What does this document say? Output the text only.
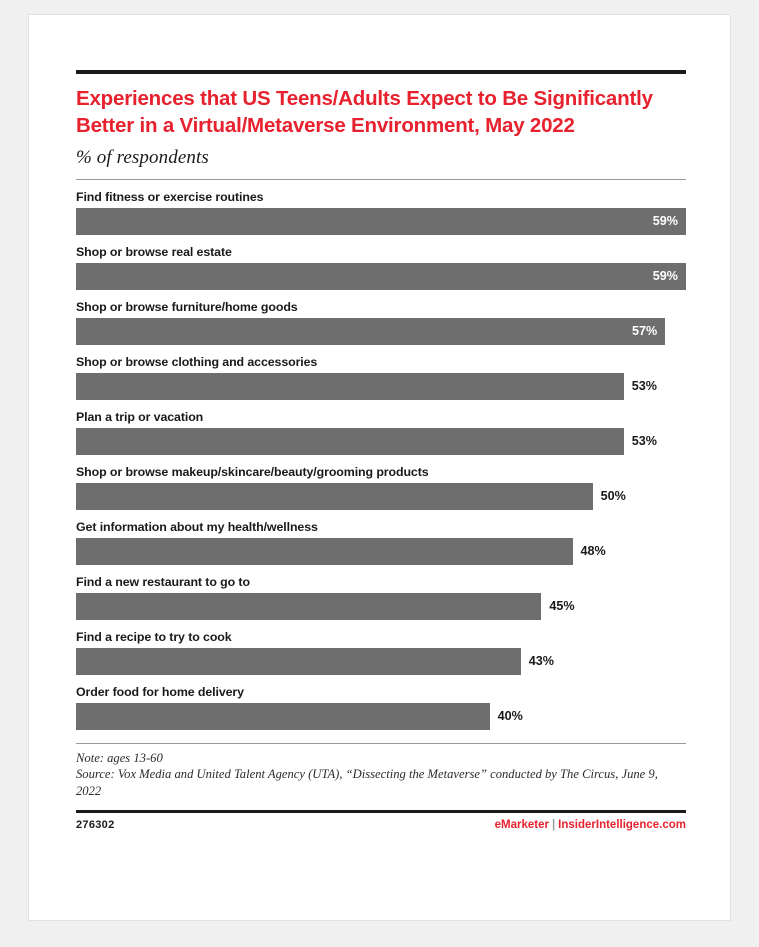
Experiences that US Teens/Adults Expect to Be Significantly Better in a Virtual/Metaverse Environment, May 2022
% of respondents
Find fitness or exercise routines
59%
Shop or browse real estate
59%
Shop or browse furniture/home goods
57%
Shop or browse clothing and accessories
53%
Plan a trip or vacation
53%
Shop or browse makeup/skincare/beauty/grooming products
50%
Get information about my health/wellness
48%
Find a new restaurant to go to
45%
Find a recipe to try to cook
43%
Order food for home delivery
40%
Note: ages 13-60
Source: Vox Media and United Talent Agency (UTA), “Dissecting the Metaverse” conducted by The Circus, June 9, 2022
276302	eMarketer | InsiderIntelligence.com
